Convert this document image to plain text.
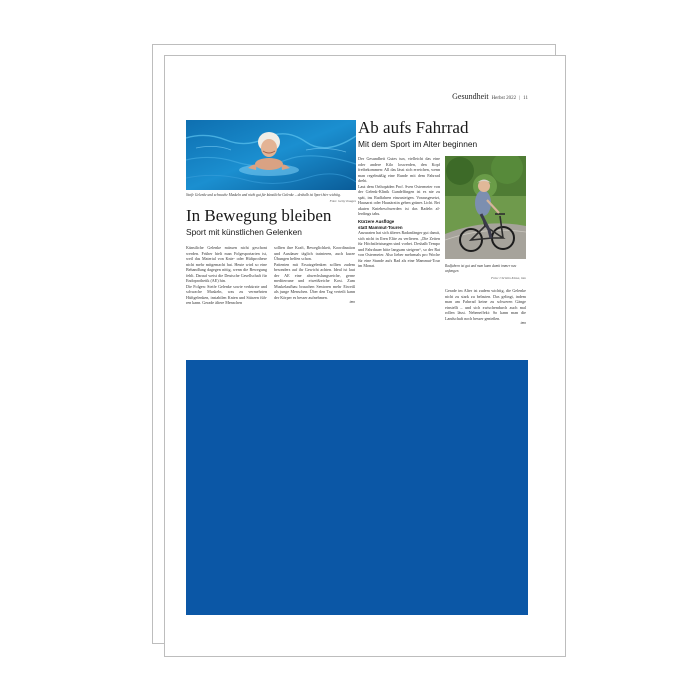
Gesundheit Herbst 2022 | 11
Steife Gelenke und schwache Muskeln und nicht gut für künstliche Gelenke – deshalb ist Sport hier wichtig.
Foto: Getty Images
In Bewegung bleiben
Sport mit künstlichen Gelenken

Künstliche Gelenke müssen nicht geschont werden. Früher hielt man Folgesportarten ist, weil das Material von Knie- oder Hüftprothese nicht mehr mitgemacht hat. Heute wird so eine Behandlung dagegen nötig, wenn die Bewegung fehlt. Darauf weist die Deutsche Gesellschaft für Endoprothetik (AE) hin.

Die Folgen: Steife Gelenke sowie verkürzte und schwache Muskeln, was zu vermehrten Hüftgelenken, instabilen Knien und Stürzen führen kann. Gerade ältere Menschen

sollten ihre Kraft, Beweglichkeit, Koordination und Ausdauer täglich trainieren, auch kurze Übungen helfen schon.

Patienten mit Ersatzgelenken sollten zudem besonders auf ihr Gewicht achten. Ideal ist laut der AE eine abwechslungsreiche, gerne mediterrane und eiweißreiche Kost. Zum Muskelaufbau brauchen Senioren mehr Eiweiß als junge Menschen. Über den Tag verteilt kann der Körper es besser aufnehmen.

tmn

Ab aufs Fahrrad
Mit dem Sport im Alter beginnen

Der Gesundheit Gutes tun, vielleicht das eine oder andere Kilo loswerden, den Kopf freibekommen: All das lässt sich erreichen, wenn man regelmäßig eine Runde mit dem Fahrrad dreht.

Laut dem Orthopäden Prof. Sven Ostermeier von der Gelenk-Klinik Gundelfingen ist es nie zu spät, ins Radfahren einzusteigen. Vorausgesetzt, Hausarzt oder Hausärztin geben grünes Licht. Bei akuten Kniebeschwerden ist das Radeln allerdings tabu.

Kürzere Ausflüge

statt Mammut-Touren

Anzuraten hat sich älteres Radanfänger gut damit, sich nicht in Ilren Elite zu verlieren. „Die Zeiten für Höchstleistungen sind vorbei. Deshalb Tempo und Fahrdauer bitte langsam steigern“, so der Rat von Ostermeier. Also lieber mehrmals pro Woche für eine Stunde aufs Rad als eine Mammut-Tour im Monat.	Radfahren ist gut und man kann damit immer neu anfangen.
Foto: Christin Klose, tmn

Gerade im Alter ist zudem wichtig, die Gelenke nicht zu stark zu belasten. Das gelingt, indem man am Fahrrad keine zu schweren Gänge einstellt – und sich zwischendurch auch mal rollen lässt. Nebeneffekt: So kann man die Landschaft noch besser genießen.

tmn
